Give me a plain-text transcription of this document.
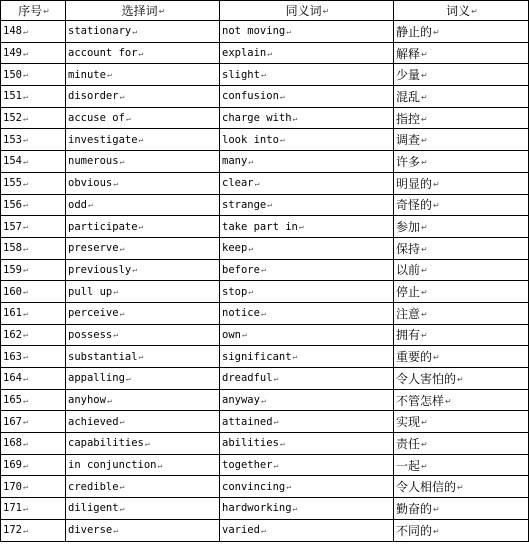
序号↵	选择词↵	同义词↵	词义↵
148↵	stationary↵	not moving↵	静止的↵
149↵	account for↵	explain↵	解释↵
150↵	minute↵	slight↵	少量↵
151↵	disorder↵	confusion↵	混乱↵
152↵	accuse of↵	charge with↵	指控↵
153↵	investigate↵	look into↵	调查↵
154↵	numerous↵	many↵	许多↵
155↵	obvious↵	clear↵	明显的↵
156↵	odd↵	strange↵	奇怪的↵
157↵	participate↵	take part in↵	参加↵
158↵	preserve↵	keep↵	保持↵
159↵	previously↵	before↵	以前↵
160↵	pull up↵	stop↵	停止↵
161↵	perceive↵	notice↵	注意↵
162↵	possess↵	own↵	拥有↵
163↵	substantial↵	significant↵	重要的↵
164↵	appalling↵	dreadful↵	令人害怕的↵
165↵	anyhow↵	anyway↵	不管怎样↵
167↵	achieved↵	attained↵	实现↵
168↵	capabilities↵	abilities↵	责任↵
169↵	in conjunction↵	together↵	一起↵
170↵	credible↵	convincing↵	令人相信的↵
171↵	diligent↵	hardworking↵	勤奋的↵
172↵	diverse↵	varied↵	不同的↵
